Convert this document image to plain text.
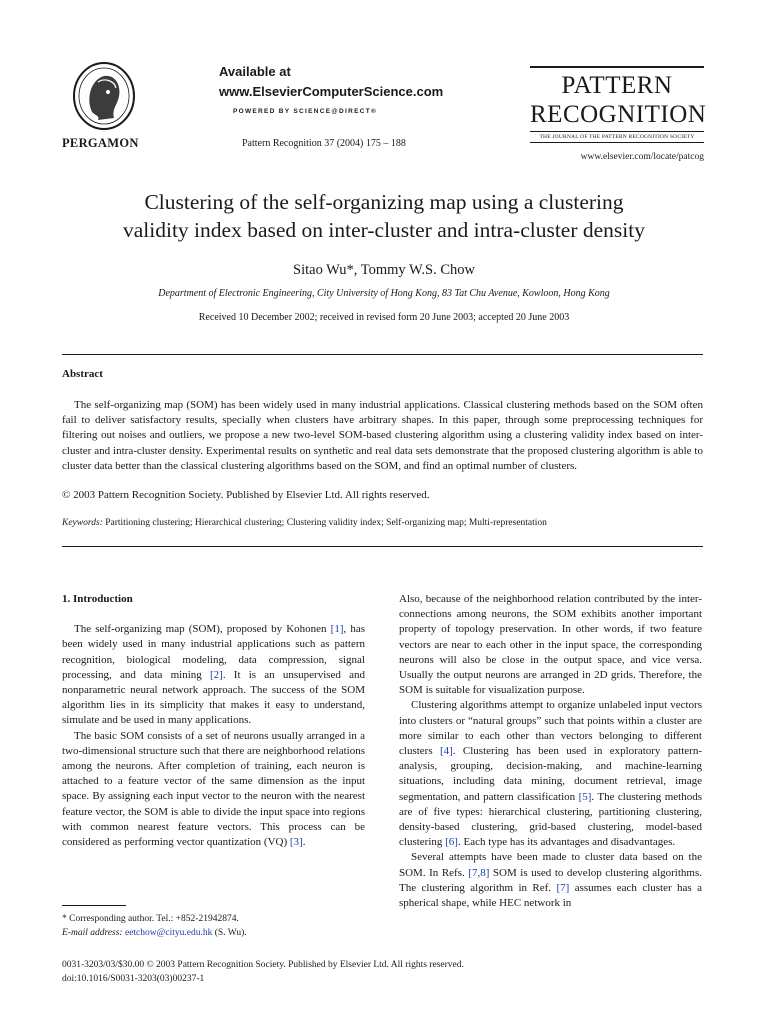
PERGAMON
Available at
www.ElsevierComputerScience.com
POWERED BY SCIENCE@DIRECT®
Pattern Recognition 37 (2004) 175 – 188
PATTERN
RECOGNITION
THE JOURNAL OF THE PATTERN RECOGNITION SOCIETY
www.elsevier.com/locate/patcog
Clustering of the self-organizing map using a clustering
validity index based on inter-cluster and intra-cluster density
Sitao Wu*, Tommy W.S. Chow
Department of Electronic Engineering, City University of Hong Kong, 83 Tat Chu Avenue, Kowloon, Hong Kong
Received 10 December 2002; received in revised form 20 June 2003; accepted 20 June 2003
Abstract

The self-organizing map (SOM) has been widely used in many industrial applications. Classical clustering methods based on the SOM often fail to deliver satisfactory results, specially when clusters have arbitrary shapes. In this paper, through some preprocessing techniques for filtering out noises and outliers, we propose a new two-level SOM-based clustering algorithm using a clustering validity index based on inter-cluster and intra-cluster density. Experimental results on synthetic and real data sets demonstrate that the proposed clustering algorithm is able to cluster data better than the classical clustering algorithms based on the SOM, and find an optimal number of clusters.

© 2003 Pattern Recognition Society. Published by Elsevier Ltd. All rights reserved.
Keywords: Partitioning clustering; Hierarchical clustering; Clustering validity index; Self-organizing map; Multi-representation

1. Introduction

The self-organizing map (SOM), proposed by Kohonen [1], has been widely used in many industrial applications such as pattern recognition, biological modeling, data compression, signal processing, and data mining [2]. It is an unsupervised and nonparametric neural network approach. The success of the SOM algorithm lies in its simplicity that makes it easy to understand, simulate and be used in many applications.

The basic SOM consists of a set of neurons usually arranged in a two-dimensional structure such that there are neighborhood relations among the neurons. After completion of training, each neuron is attached to a feature vector of the same dimension as the input space. By assigning each input vector to the neuron with the nearest feature vector, the SOM is able to divide the input space into regions with common nearest feature vectors. This process can be considered as performing vector quantization (VQ) [3].

Also, because of the neighborhood relation contributed by the inter-connections among neurons, the SOM exhibits another important property of topology preservation. In other words, if two feature vectors are near to each other in the input space, the corresponding neurons will also be close in the output space, and vice versa. Usually the output neurons are arranged in 2D grids. Therefore, the SOM is suitable for visualization purpose.

Clustering algorithms attempt to organize unlabeled input vectors into clusters or “natural groups” such that points within a cluster are more similar to each other than vectors belonging to different clusters [4]. Clustering has been used in exploratory pattern-analysis, grouping, decision-making, and machine-learning situations, including data mining, document retrieval, image segmentation, and pattern classification [5]. The clustering methods are of five types: hierarchical clustering, partitioning clustering, density-based clustering, grid-based clustering, model-based clustering [6]. Each type has its advantages and disadvantages.

Several attempts have been made to cluster data based on the SOM. In Refs. [7,8] SOM is used to develop clustering algorithms. The clustering algorithm in Ref. [7] assumes each cluster has a spherical shape, while HEC network in

* Corresponding author. Tel.: +852-21942874.
E-mail address: eetchow@cityu.edu.hk (S. Wu).
0031-3203/03/$30.00 © 2003 Pattern Recognition Society. Published by Elsevier Ltd. All rights reserved.
doi:10.1016/S0031-3203(03)00237-1
